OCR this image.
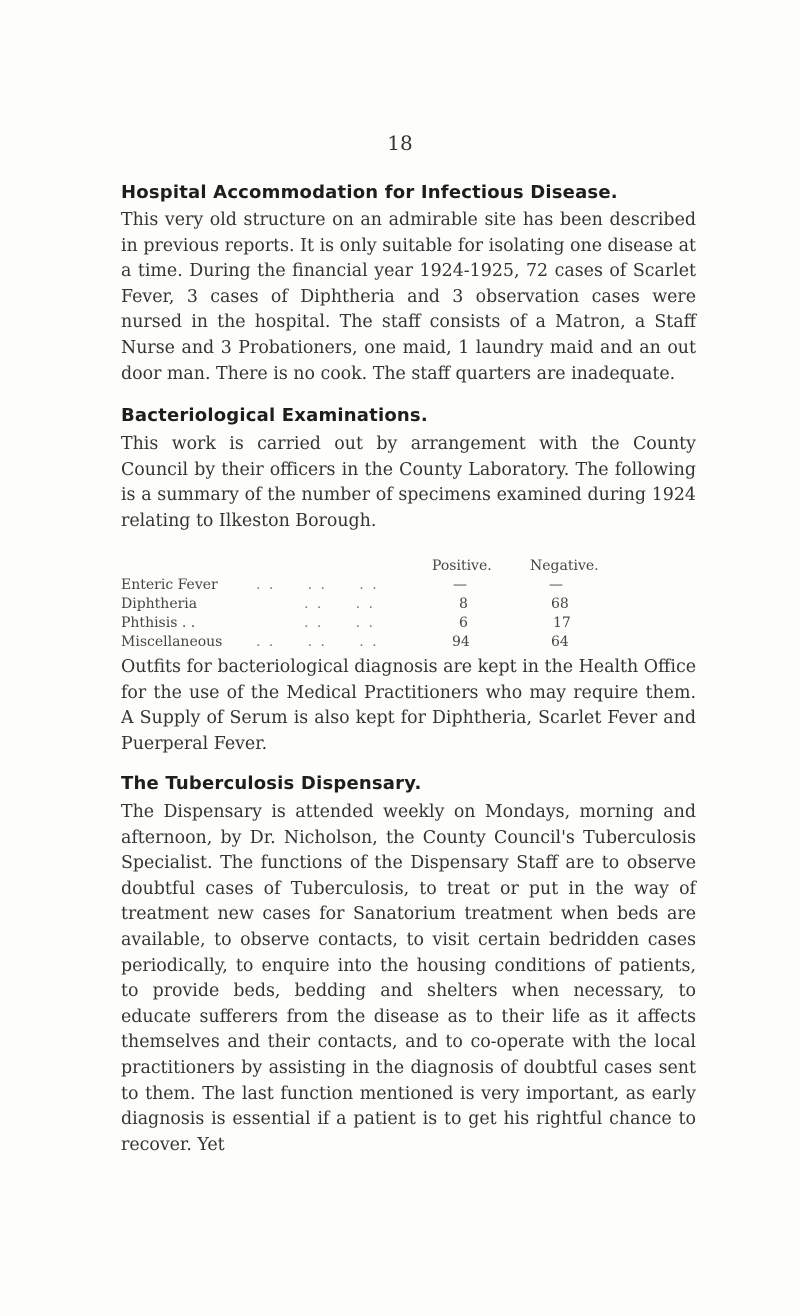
18
Hospital Accommodation for Infectious Disease.

This very old structure on an admirable site has been described in previous reports. It is only suitable for isolating one disease at a time. During the financial year 1924-1925, 72 cases of Scarlet Fever, 3 cases of Diphtheria and 3 observation cases were nursed in the hospital. The staff consists of a Matron, a Staff Nurse and 3 Probationers, one maid, 1 laundry maid and an out door man. There is no cook. The staff quarters are inadequate.

Bacteriological Examinations.

This work is carried out by arrangement with the County Council by their officers in the County Laboratory. The following is a summary of the number of specimens examined during 1924 relating to Ilkeston Borough.

Positive.	Negative.
Enteric Fever	. .     . .     . .	—	—
Diphtheria	. .     . .	8	68
Phthisis . .	. .     . .	6	17
Miscellaneous . .     . .     . .	94	64

Outfits for bacteriological diagnosis are kept in the Health Office for the use of the Medical Practitioners who may require them. A Supply of Serum is also kept for Diphtheria, Scarlet Fever and Puerperal Fever.

The Tuberculosis Dispensary.

The Dispensary is attended weekly on Mondays, morning and afternoon, by Dr. Nicholson, the County Council's Tuberculosis Specialist. The functions of the Dispensary Staff are to observe doubtful cases of Tuberculosis, to treat or put in the way of treatment new cases for Sanatorium treatment when beds are available, to observe contacts, to visit certain bedridden cases periodically, to enquire into the housing conditions of patients, to provide beds, bedding and shelters when necessary, to educate sufferers from the disease as to their life as it affects themselves and their contacts, and to co-operate with the local practitioners by assisting in the diagnosis of doubtful cases sent to them. The last function mentioned is very important, as early diagnosis is essential if a patient is to get his rightful chance to recover. Yet
